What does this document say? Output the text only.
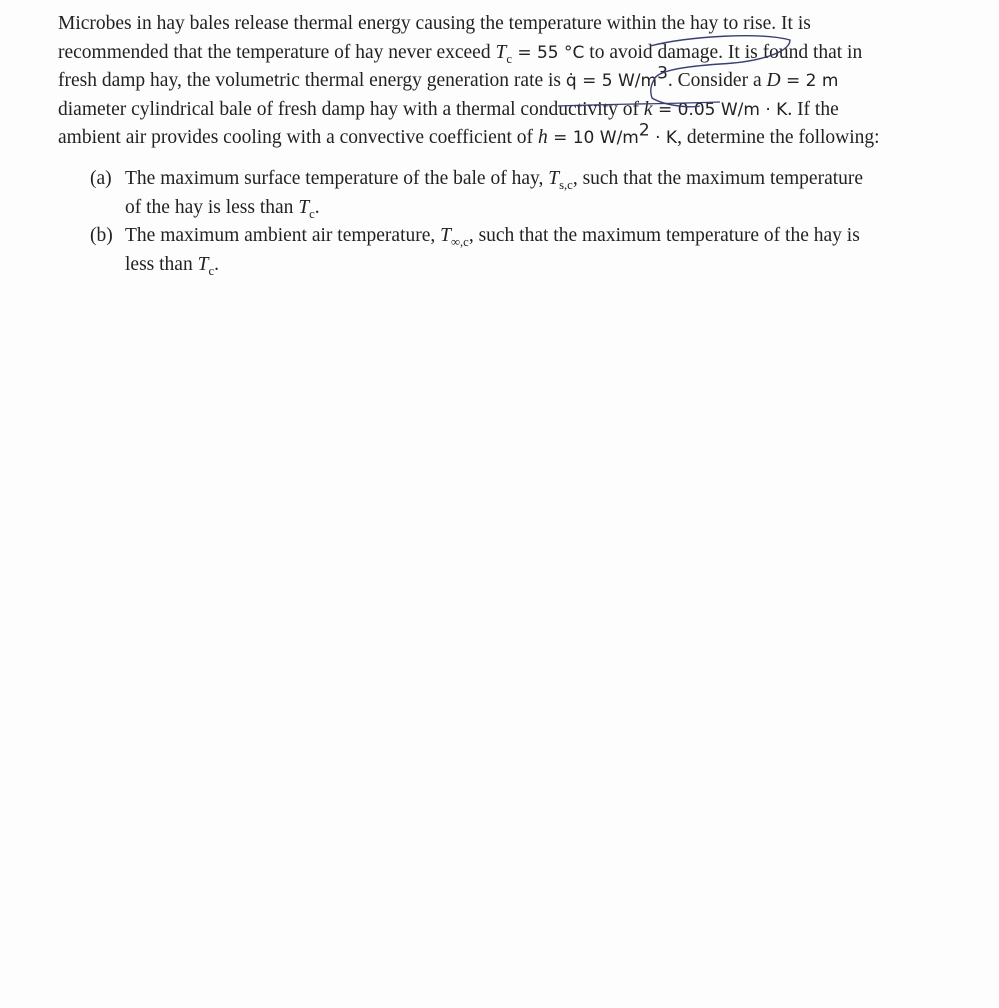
Microbes in hay bales release thermal energy causing the temperature within the hay to rise. It is
recommended that the temperature of hay never exceed $T_c = 55$ °C to avoid damage. It is found that in
fresh damp hay, the volumetric thermal energy generation rate is q̇ = 5 $W/m^3$. Consider a D = 2 m
diameter cylindrical bale of fresh damp hay with a thermal conductivity of k = 0.05 W/m · K. If the
ambient air provides cooling with a convective coefficient of h = 10 $W/m^2 \cdot K$, determine the following:
(a) The maximum surface temperature of the bale of hay, $T_{s,c}$, such that the maximum temperature
of the hay is less than $T_c$.
(b) The maximum ambient air temperature, $T_{\infty,c}$, such that the maximum temperature of the hay is
less than $T_c$.
